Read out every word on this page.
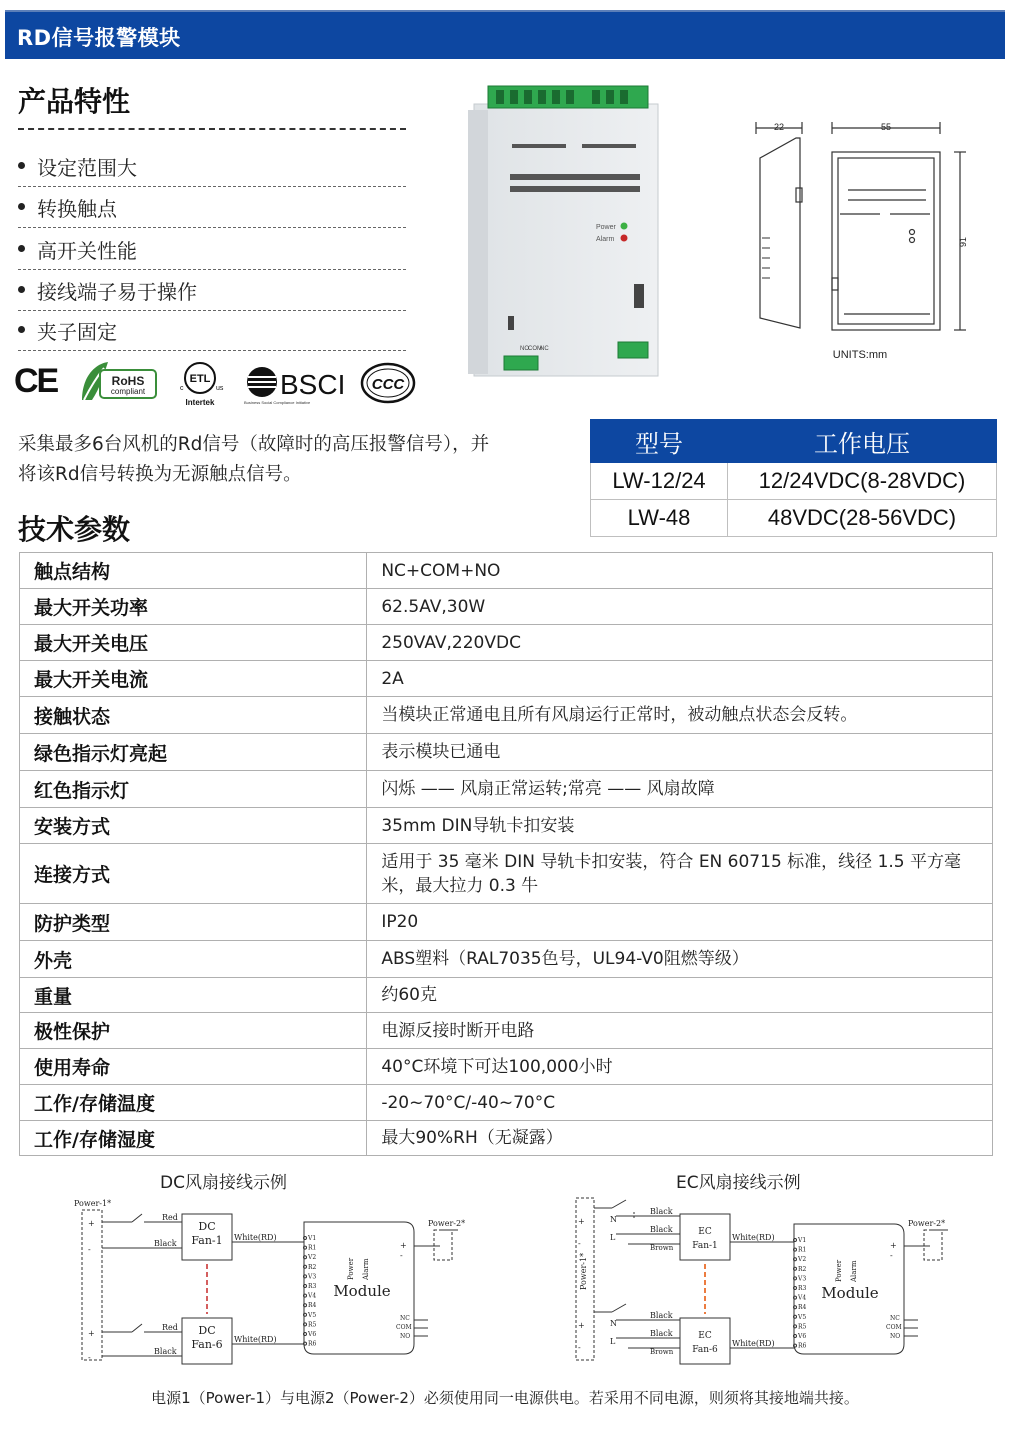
RD信号报警模块
产品特性
设定范围大
转换触点
高开关性能
接线端子易于操作
夹子固定
CE	RoHS
compliant
ETL
c	us
Intertek
BSCI
Business Social Compliance Initiative
CCC
Power
Alarm
NO COM
NC
22	55
91
UNITS:mm
采集最多6台风机的Rd信号（故障时的高压报警信号），并将该Rd信号转换为无源触点信号。
型号	工作电压
LW-12/24	12/24VDC(8-28VDC)
LW-48	48VDC(28-56VDC)
技术参数
触点结构	NC+COM+NO
最大开关功率	62.5AV,30W
最大开关电压	250VAV,220VDC
最大开关电流	2A
接触状态	当模块正常通电且所有风扇运行正常时，被动触点状态会反转。
绿色指示灯亮起	表示模块已通电
红色指示灯	闪烁 —— 风扇正常运转;常亮 —— 风扇故障
安装方式	35mm DIN导轨卡扣安装
连接方式	适用于 35 毫米 DIN 导轨卡扣安装，符合 EN 60715 标准，线径 1.5 平方毫米，最大拉力 0.3 牛
防护类型	IP20
外壳	ABS塑料（RAL7035色号，UL94-V0阻燃等级）
重量	约60克
极性保护	电源反接时断开电路
使用寿命	40°C环境下可达100,000小时
工作/存储温度	-20~70°C/-40~70°C
工作/存储湿度	最大90%RH（无凝露）
DC风扇接线示例	EC风扇接线示例
Power-1*
+
-
+
-
Red
Black
Red
Black
White(RD)
White(RD)
Power-2*
+
-
NC
COM
NO
DC
Fan-1
DC
Fan-6
Module
Power Alarm
V1
R1
V2
R2
V3
R3
V4
R4
V5
R5
V6
R6
Power-1*
+
-
+
-
N
L
N
L
Black
Black
Brown
Black
Black
Brown
White(RD)
White(RD)
Power-2*
+
-
NC
COM
NO
EC
Fan-1
EC
Fan-6
Module
Power Alarm
V1
R1
V2
R2
V3
R3
V4
R4
V5
R5
V6
R6
电源1（Power-1）与电源2（Power-2）必须使用同一电源供电。若采用不同电源，则须将其接地端共接。
